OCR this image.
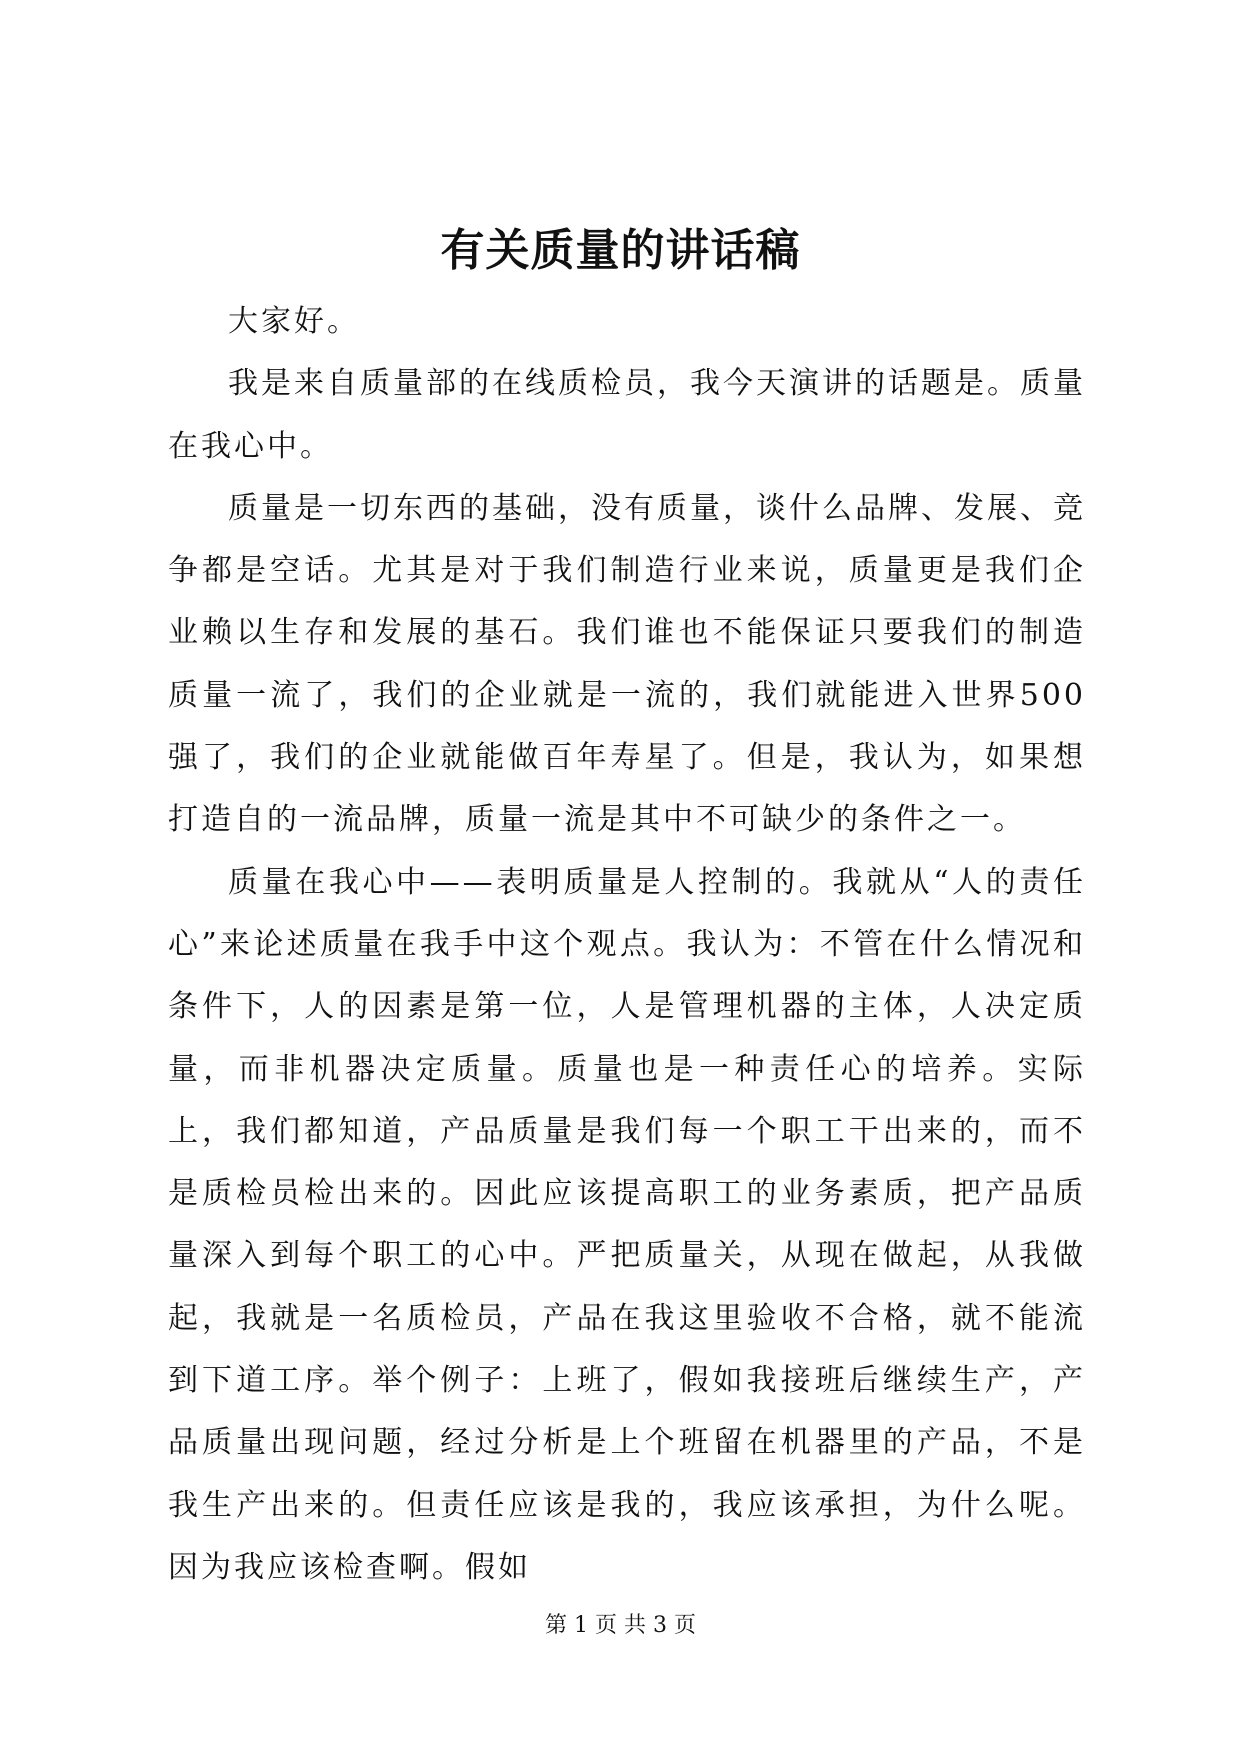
有关质量的讲话稿

大家好。

我是来自质量部的在线质检员，我今天演讲的话题是。质量在我心中。

质量是一切东西的基础，没有质量，谈什么品牌、发展、竞争都是空话。尤其是对于我们制造行业来说，质量更是我们企业赖以生存和发展的基石。我们谁也不能保证只要我们的制造质量一流了，我们的企业就是一流的，我们就能进入世界500强了，我们的企业就能做百年寿星了。但是，我认为，如果想打造自的一流品牌，质量一流是其中不可缺少的条件之一。

质量在我心中——表明质量是人控制的。我就从“人的责任心”来论述质量在我手中这个观点。我认为：不管在什么情况和条件下，人的因素是第一位，人是管理机器的主体，人决定质量，而非机器决定质量。质量也是一种责任心的培养。实际上，我们都知道，产品质量是我们每一个职工干出来的，而不是质检员检出来的。因此应该提高职工的业务素质，把产品质量深入到每个职工的心中。严把质量关，从现在做起，从我做起，我就是一名质检员，产品在我这里验收不合格，就不能流到下道工序。举个例子：上班了，假如我接班后继续生产，产品质量出现问题，经过分析是上个班留在机器里的产品，不是我生产出来的。但责任应该是我的，我应该承担，为什么呢。因为我应该检查啊。假如

第 1 页 共 3 页
